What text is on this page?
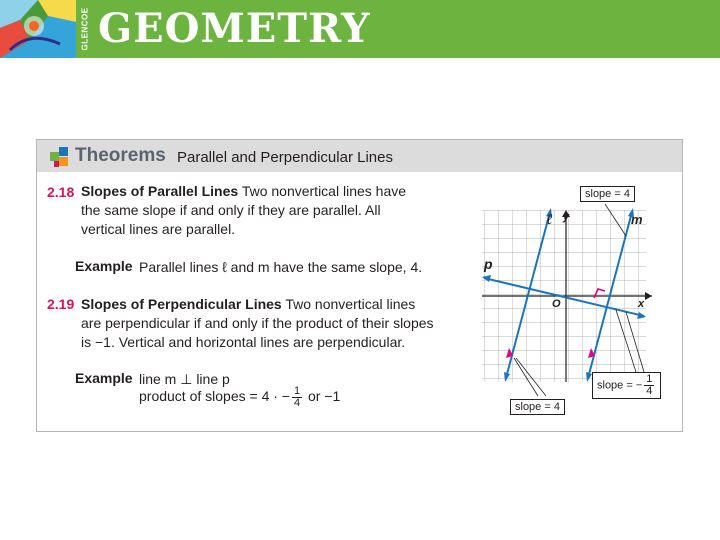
GLENCOE GEOMETRY
Theorems Parallel and Perpendicular Lines
2.18 Slopes of Parallel Lines Two nonvertical lines have
the same slope if and only if they are parallel. All
vertical lines are parallel.
Example Parallel lines ℓ and m have the same slope, 4.
2.19 Slopes of Perpendicular Lines Two nonvertical lines
are perpendicular if and only if the product of their slopes
is −1. Vertical and horizontal lines are perpendicular.
Example line m ⊥ line p
product of slopes = 4 · − $\frac{1}{4}$ or −1
ℓ y	m
p
O	x
slope = 4
slope = 4
slope = − $\frac{1}{4}$
